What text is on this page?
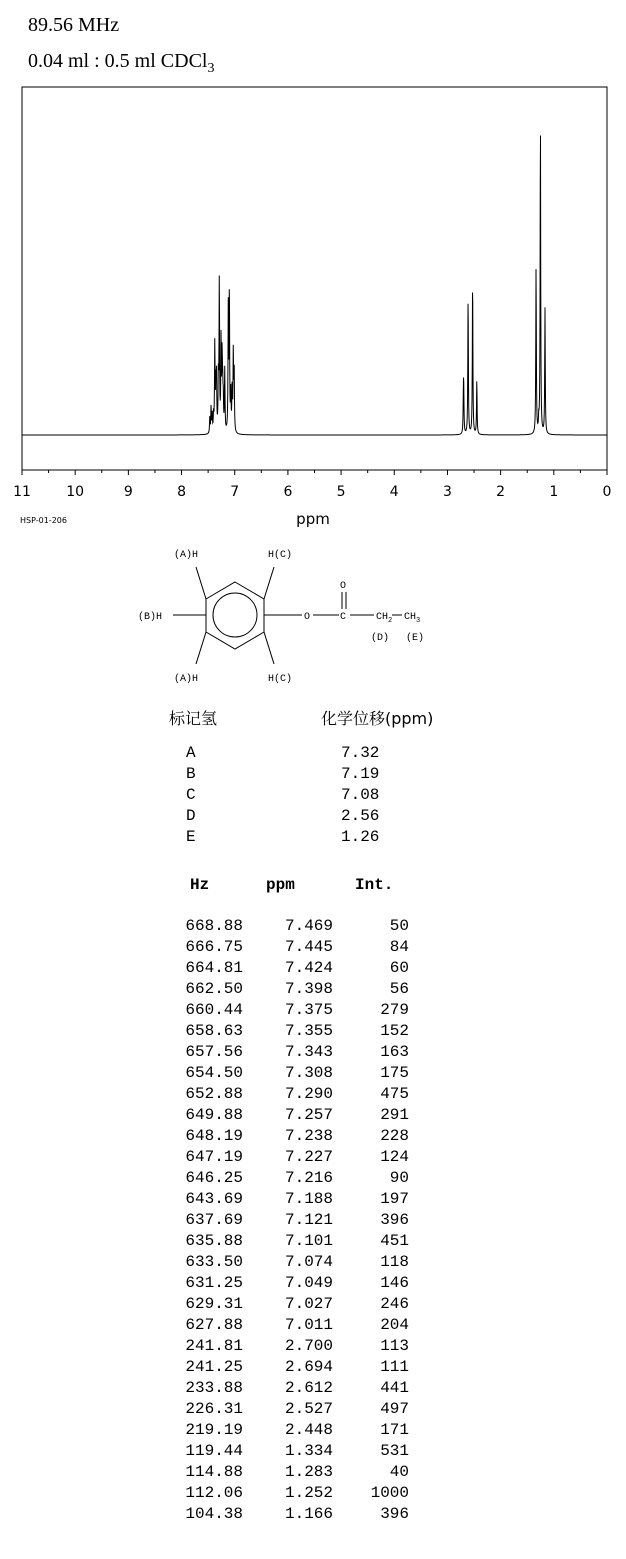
89.56 MHz
0.04 ml : 0.5 ml CDCl$_3$
11	10	9	8	7	6	5	4	3	2	1	0
ppm
HSP-01-206
(A)H	H(C)
(B)H
(A)H	H(C)
O
O
C	CH 2 CH 3
(D) (E)
标记氢	化学位移(ppm)
A	7.32
B	7.19
C	7.08
D	2.56
E	1.26
Hz	ppm	Int.
668.88	7.469	50
666.75	7.445	84
664.81	7.424	60
662.50	7.398	56
660.44	7.375	279
658.63	7.355	152
657.56	7.343	163
654.50	7.308	175
652.88	7.290	475
649.88	7.257	291
648.19	7.238	228
647.19	7.227	124
646.25	7.216	90
643.69	7.188	197
637.69	7.121	396
635.88	7.101	451
633.50	7.074	118
631.25	7.049	146
629.31	7.027	246
627.88	7.011	204
241.81	2.700	113
241.25	2.694	111
233.88	2.612	441
226.31	2.527	497
219.19	2.448	171
119.44	1.334	531
114.88	1.283	40
112.06	1.252 1000
104.38	1.166	396
